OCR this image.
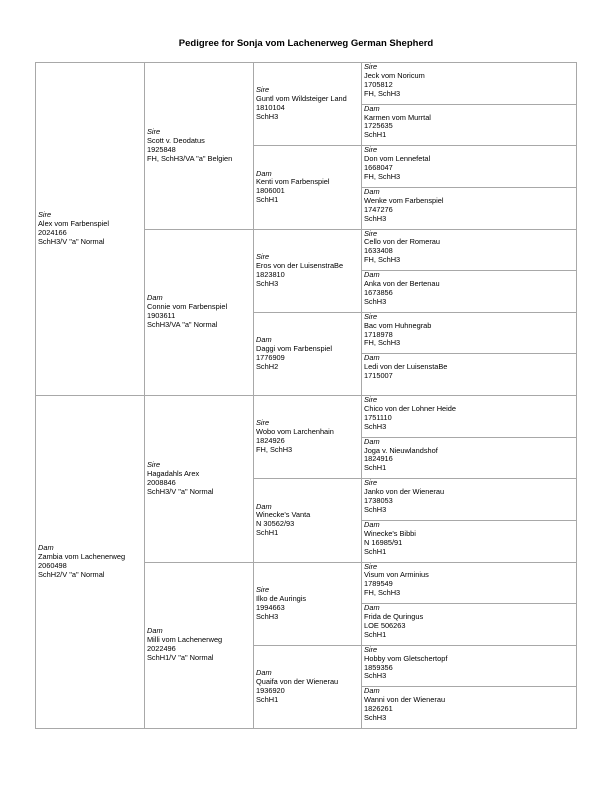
Pedigree for Sonja vom Lachenerweg German Shepherd
Sire
Alex vom Farbenspiel
2024166
SchH3/V "a" Normal
Sire
Scott v. Deodatus
1925848
FH, SchH3/VA "a" Belgien
Sire
Guntl vom Wildsteiger Land
1810104
SchH3
Sire
Jeck vom Noricum
1705812
FH, SchH3
Dam
Karmen vom Murrtal
1725635
SchH1
Dam
Kenti vom Farbenspiel
1806001
SchH1
Sire
Don vom Lennefetal
1668047
FH, SchH3
Dam
Wenke vom Farbenspiel
1747276
SchH3
Dam
Connie vom Farbenspiel
1903611
SchH3/VA "a" Normal
Sire
Eros von der LuisenstraBe
1823810
SchH3
Sire
Cello von der Romerau
1633408
FH, SchH3
Dam
Anka von der Bertenau
1673856
SchH3
Dam
Daggi vom Farbenspiel
1776909
SchH2
Sire
Bac vom Huhnegrab
1718978
FH, SchH3
Dam
Ledi von der LuisenstaBe
1715007

Dam
Zambia vom Lachenerweg
2060498
SchH2/V "a" Normal
Sire
Hagadahls Arex
2008846
SchH3/V "a" Normal
Sire
Wobo vom Larchenhain
1824926
FH, SchH3
Sire
Chico von der Lohner Heide
1751110
SchH3
Dam
Joga v. Nieuwlandshof
1824916
SchH1
Dam
Winecke's Vanta
N 30562/93
SchH1
Sire
Janko von der Wienerau
1738053
SchH3
Dam
Winecke's Bibbi
N 16985/91
SchH1
Dam
Milli vom Lachenerweg
2022496
SchH1/V "a" Normal
Sire
Ilko de Auringis
1994663
SchH3
Sire
Visum von Arminius
1789549
FH, SchH3
Dam
Frida de Quringus
LOE 506263
SchH1
Dam
Quaifa von der Wienerau
1936920
SchH1
Sire
Hobby vom Gletschertopf
1859356
SchH3
Dam
Wanni von der Wienerau
1826261
SchH3
